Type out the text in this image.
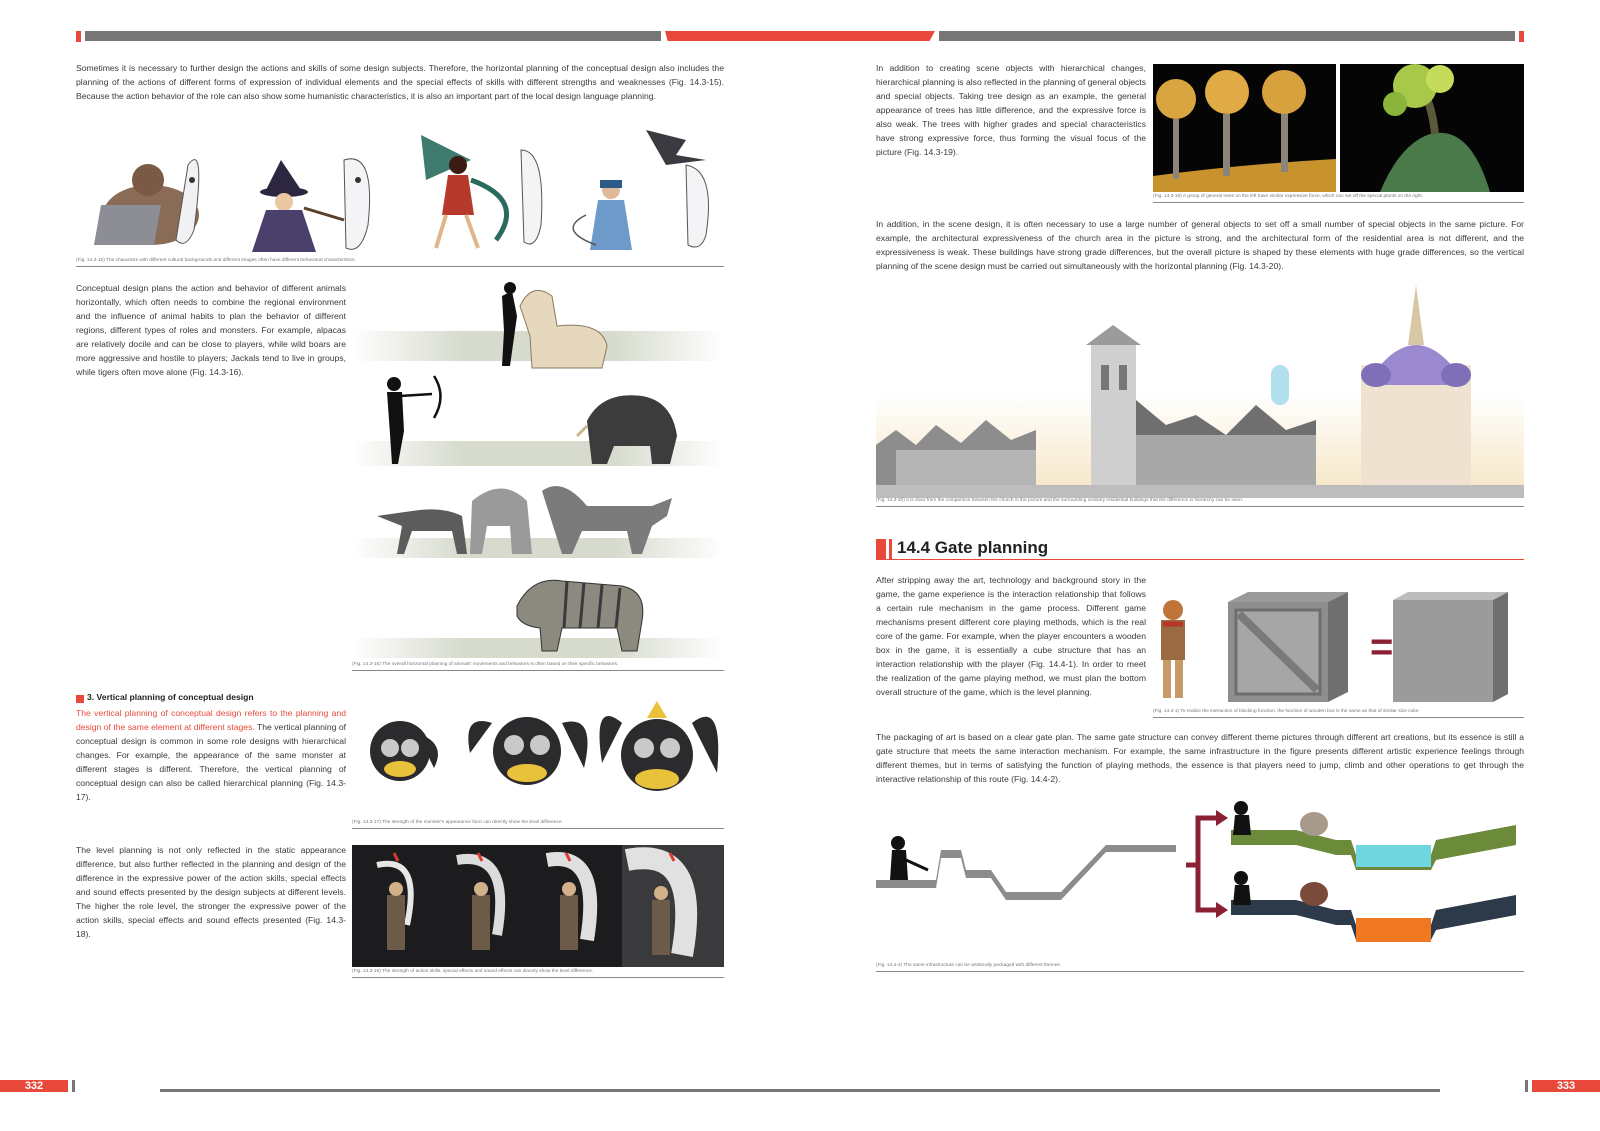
Sometimes it is necessary to further design the actions and skills of some design subjects. Therefore, the horizontal planning of the conceptual design also includes the planning of the actions of different forms of expression of individual elements and the special effects of skills with different strengths and weaknesses (Fig. 14.3-15). Because the action behavior of the role can also show some humanistic characteristics, it is also an important part of the local design language planning.

(Fig. 14.3-15) The characters with different cultural backgrounds and different images often have different behavioral characteristics.

Conceptual design plans the action and behavior of different animals horizontally, which often needs to combine the regional environment and the influence of animal habits to plan the behavior of different regions, different types of roles and monsters. For example, alpacas are relatively docile and can be close to players, while wild boars are more aggressive and hostile to players; Jackals tend to live in groups, while tigers often move alone (Fig. 14.3-16).

(Fig. 14.3-16) The overall horizontal planning of animals' movements and behaviors is often based on their specific behaviors.
3. Vertical planning of conceptual design

The vertical planning of conceptual design refers to the planning and design of the same element at different stages. The vertical planning of conceptual design is common in some role designs with hierarchical changes. For example, the appearance of the same monster at different stages is different. Therefore, the vertical planning of conceptual design can also be called hierarchical planning (Fig. 14.3-17).

(Fig. 14.3-17) The strength of the monster's appearance form can directly show the level difference.

The level planning is not only reflected in the static appearance difference, but also further reflected in the planning and design of the difference in the expressive power of the action skills, special effects and sound effects presented by the design subjects at different levels. The higher the role level, the stronger the expressive power of the action skills, special effects and sound effects presented (Fig. 14.3-18).

(Fig. 14.3-18) The strength of action skills, special effects and sound effects can directly show the level difference.

In addition to creating scene objects with hierarchical changes, hierarchical planning is also reflected in the planning of general objects and special objects. Taking tree design as an example, the general appearance of trees has little difference, and the expressive force is also weak. The trees with higher grades and special characteristics have strong expressive force, thus forming the visual focus of the picture (Fig. 14.3-19).

(Fig. 14.3-19) A group of general trees on the left have similar expressive force, which can set off the special plants on the right.

In addition, in the scene design, it is often necessary to use a large number of general objects to set off a small number of special objects in the same picture. For example, the architectural expressiveness of the church area in the picture is strong, and the architectural form of the residential area is not different, and the expressiveness is weak. These buildings have strong grade differences, but the overall picture is shaped by these elements with huge grade differences, so the vertical planning of the scene design must be carried out simultaneously with the horizontal planning (Fig. 14.3-20).

(Fig. 14.3-20) It is clear from the comparison between the church in the picture and the surrounding ordinary residential buildings that the difference in hierarchy can be seen.
14.4 Gate planning

After stripping away the art, technology and background story in the game, the game experience is the interaction relationship that follows a certain rule mechanism in the game process. Different game mechanisms present different core playing methods, which is the real core of the game. For example, when the player encounters a wooden box in the game, it is essentially a cube structure that has an interaction relationship with the player (Fig. 14.4-1). In order to meet the realization of the game playing method, we must plan the bottom overall structure of the game, which is the level planning.

=
(Fig. 14.4-1) To realize the interaction of blocking function, the function of wooden box is the same as that of similar size cube.

The packaging of art is based on a clear gate plan. The same gate structure can convey different theme pictures through different art creations, but its essence is still a gate structure that meets the same interaction mechanism. For example, the same infrastructure in the figure presents different artistic experience feelings through different themes, but in terms of satisfying the function of playing methods, the essence is that players need to jump, climb and other operations to get through the interactive relationship of this route (Fig. 14.4-2).

(Fig. 14.4-2) The same infrastructure can be artistically packaged with different themes.
332	333
